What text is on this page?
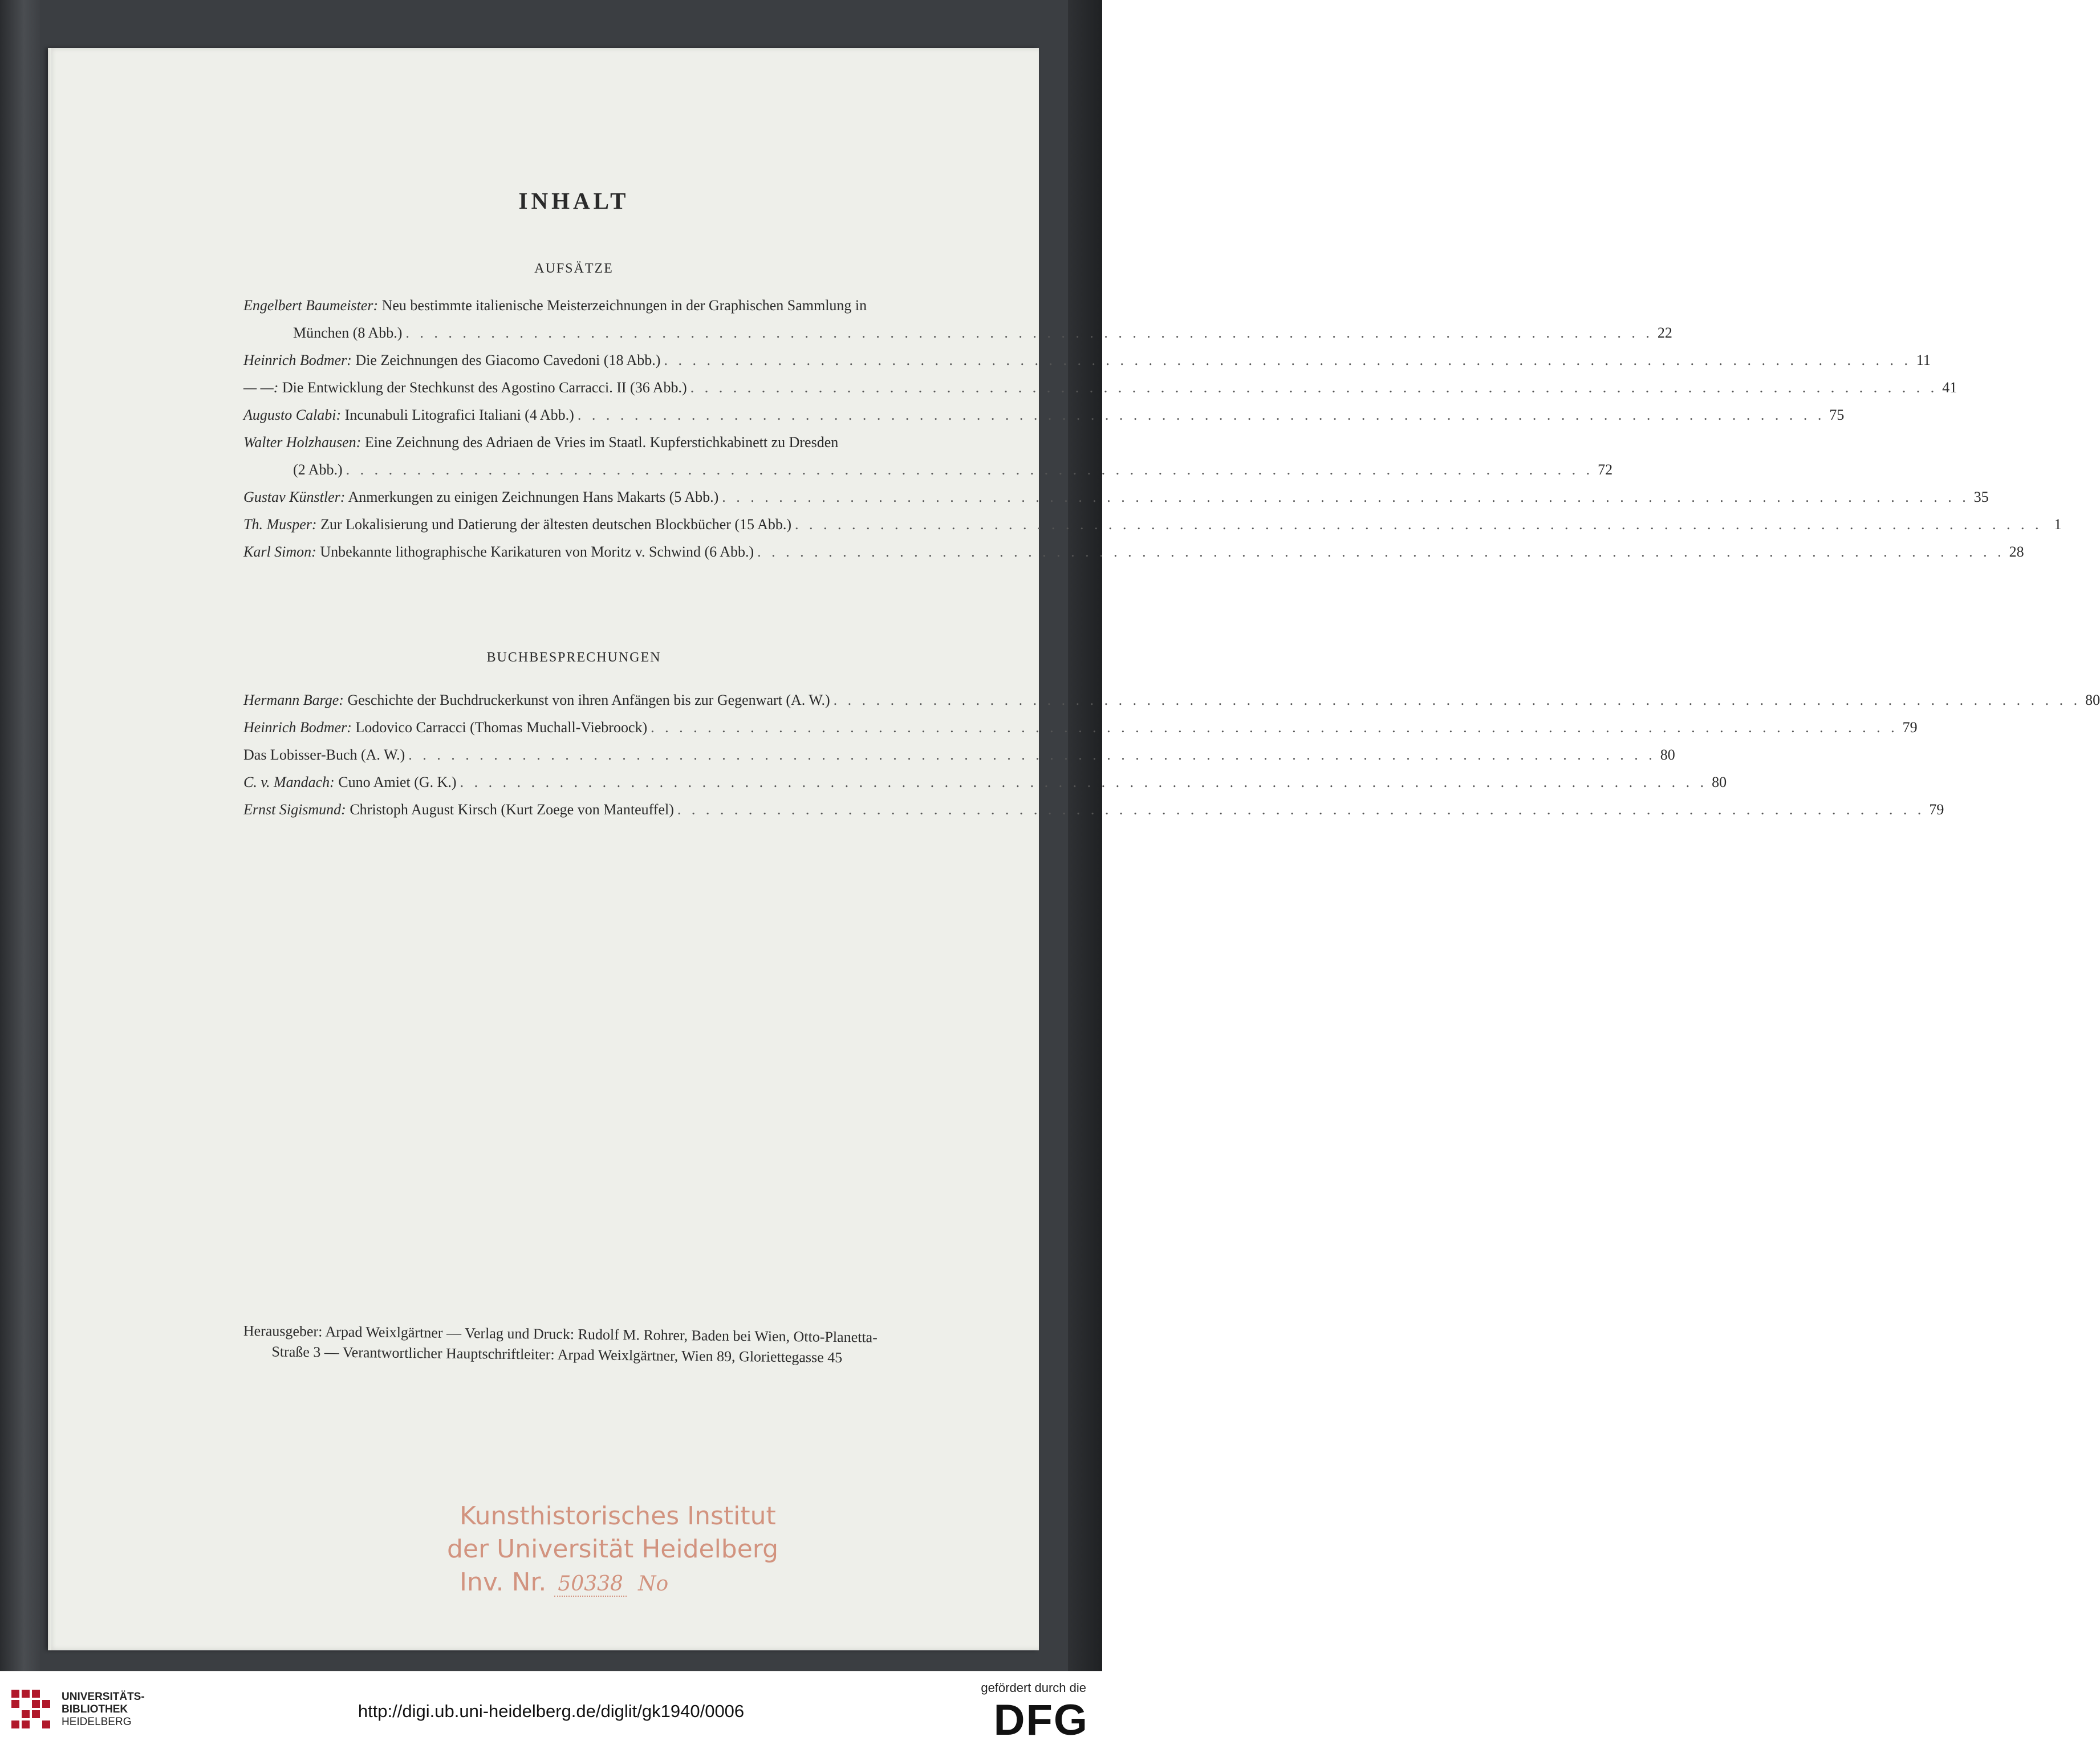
INHALT
AUFSÄTZE
Engelbert Baumeister: Neu bestimmte italienische Meisterzeichnungen in der Graphischen Sammlung in
München (8 Abb.) . . .	22
Heinrich Bodmer: Die Zeichnungen des Giacomo Cavedoni (18 Abb.) . . .	11
— —: Die Entwicklung der Stechkunst des Agostino Carracci. II (36 Abb.) . . .	41
Augusto Calabi: Incunabuli Litografici Italiani (4 Abb.) . . .	75
Walter Holzhausen: Eine Zeichnung des Adriaen de Vries im Staatl. Kupferstichkabinett zu Dresden
(2 Abb.) . . .	72
Gustav Künstler: Anmerkungen zu einigen Zeichnungen Hans Makarts (5 Abb.) . . .	35
Th. Musper: Zur Lokalisierung und Datierung der ältesten deutschen Blockbücher (15 Abb.) . . .	1
Karl Simon: Unbekannte lithographische Karikaturen von Moritz v. Schwind (6 Abb.) . . .	28
BUCHBESPRECHUNGEN
Hermann Barge: Geschichte der Buchdruckerkunst von ihren Anfängen bis zur Gegenwart (A. W.) . . .	80
Heinrich Bodmer: Lodovico Carracci (Thomas Muchall-Viebroock) . . .	79
Das Lobisser-Buch (A. W.) . . .	80
C. v. Mandach: Cuno Amiet (G. K.) . . .	80
Ernst Sigismund: Christoph August Kirsch (Kurt Zoege von Manteuffel) . . .	79
Herausgeber: Arpad Weixlgärtner — Verlag und Druck: Rudolf M. Rohrer, Baden bei Wien, Otto-Planetta-
Straße 3 — Verantwortlicher Hauptschriftleiter: Arpad Weixlgärtner, Wien 89, Gloriettegasse 45
Kunsthistorisches Institut
der Universität Heidelberg
Inv. Nr. 50338 No
UNIVERSITÄTS-
BIBLIOTHEK
HEIDELBERG
http://digi.ub.uni-heidelberg.de/diglit/gk1940/0006
gefördert durch die
DFG
